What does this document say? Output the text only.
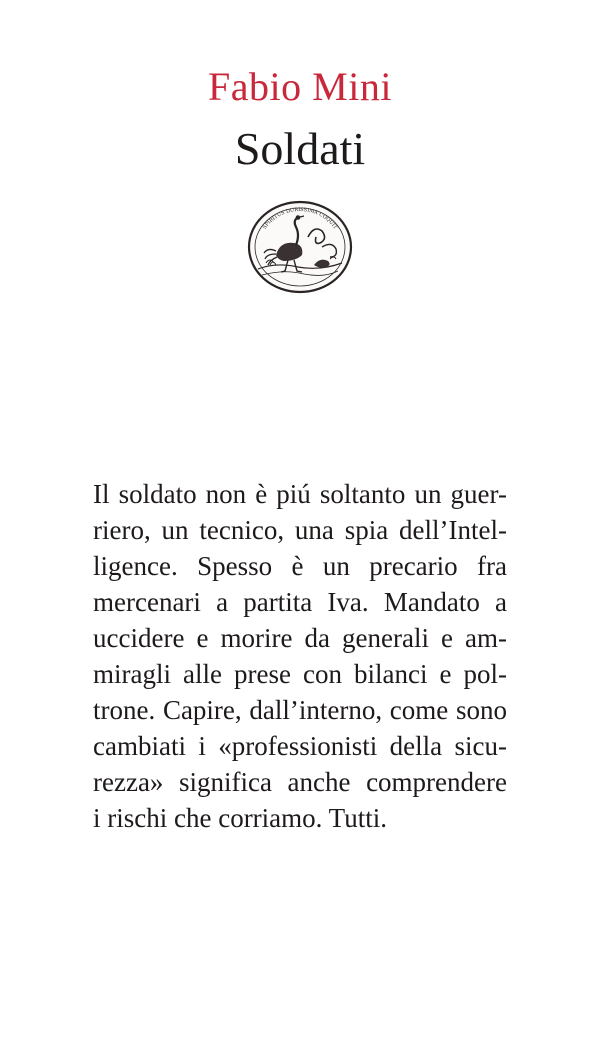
Fabio Mini
Soldati
SPIRITUS DURISSIMA COQUIT
Il soldato non è piú soltanto un guer-
riero, un tecnico, una spia dell’Intel-
ligence. Spesso è un precario fra
mercenari a partita Iva. Mandato a
uccidere e morire da generali e am-
miragli alle prese con bilanci e pol-
trone. Capire, dall’interno, come sono
cambiati i «professionisti della sicu-
rezza» significa anche comprendere
i rischi che corriamo. Tutti.
